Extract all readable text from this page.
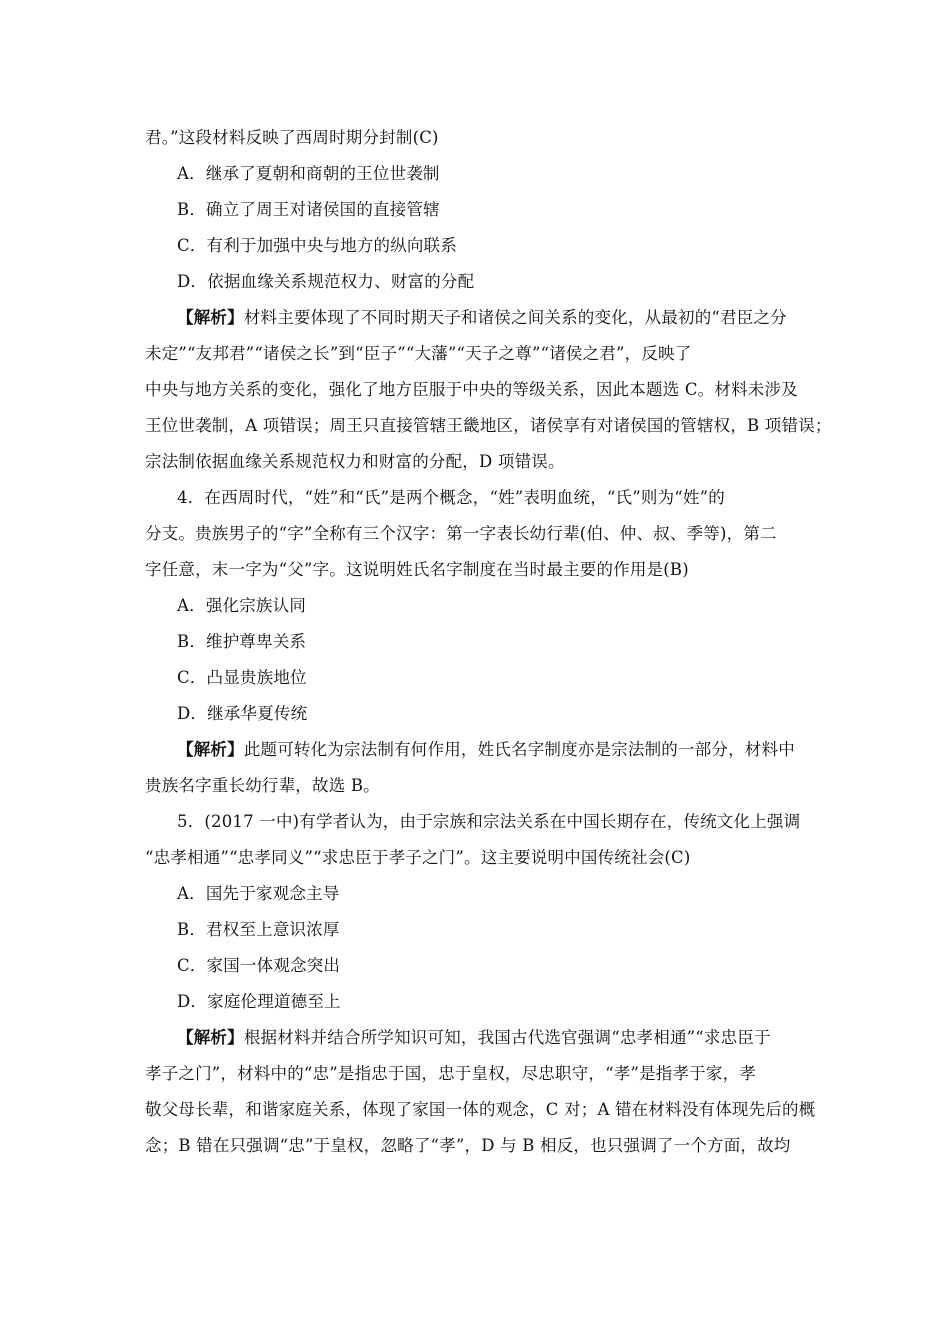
君。”这段材料反映了西周时期分封制(C)
A．继承了夏朝和商朝的王位世袭制
B．确立了周王对诸侯国的直接管辖
C．有利于加强中央与地方的纵向联系
D．依据血缘关系规范权力、财富的分配
【解析】材料主要体现了不同时期天子和诸侯之间关系的变化，从最初的“君臣之分
未定”“友邦君”“诸侯之长”到“臣子”“大藩”“天子之尊”“诸侯之君”，反映了
中央与地方关系的变化，强化了地方臣服于中央的等级关系，因此本题选 C。材料未涉及
王位世袭制，A 项错误；周王只直接管辖王畿地区，诸侯享有对诸侯国的管辖权，B 项错误；
宗法制依据血缘关系规范权力和财富的分配，D 项错误。
4．在西周时代，“姓”和“氏”是两个概念，“姓”表明血统，“氏”则为“姓”的
分支。贵族男子的“字”全称有三个汉字：第一字表长幼行辈(伯、仲、叔、季等)，第二
字任意，末一字为“父”字。这说明姓氏名字制度在当时最主要的作用是(B)
A．强化宗族认同
B．维护尊卑关系
C．凸显贵族地位
D．继承华夏传统
【解析】此题可转化为宗法制有何作用，姓氏名字制度亦是宗法制的一部分，材料中
贵族名字重长幼行辈，故选 B。
5．(2017 一中)有学者认为，由于宗族和宗法关系在中国长期存在，传统文化上强调
“忠孝相通”“忠孝同义”“求忠臣于孝子之门”。这主要说明中国传统社会(C)
A．国先于家观念主导
B．君权至上意识浓厚
C．家国一体观念突出
D．家庭伦理道德至上
【解析】根据材料并结合所学知识可知，我国古代选官强调“忠孝相通”“求忠臣于
孝子之门”，材料中的“忠”是指忠于国，忠于皇权，尽忠职守，“孝”是指孝于家，孝
敬父母长辈，和谐家庭关系，体现了家国一体的观念，C 对；A 错在材料没有体现先后的概
念；B 错在只强调“忠”于皇权，忽略了“孝”，D 与 B 相反，也只强调了一个方面，故均
